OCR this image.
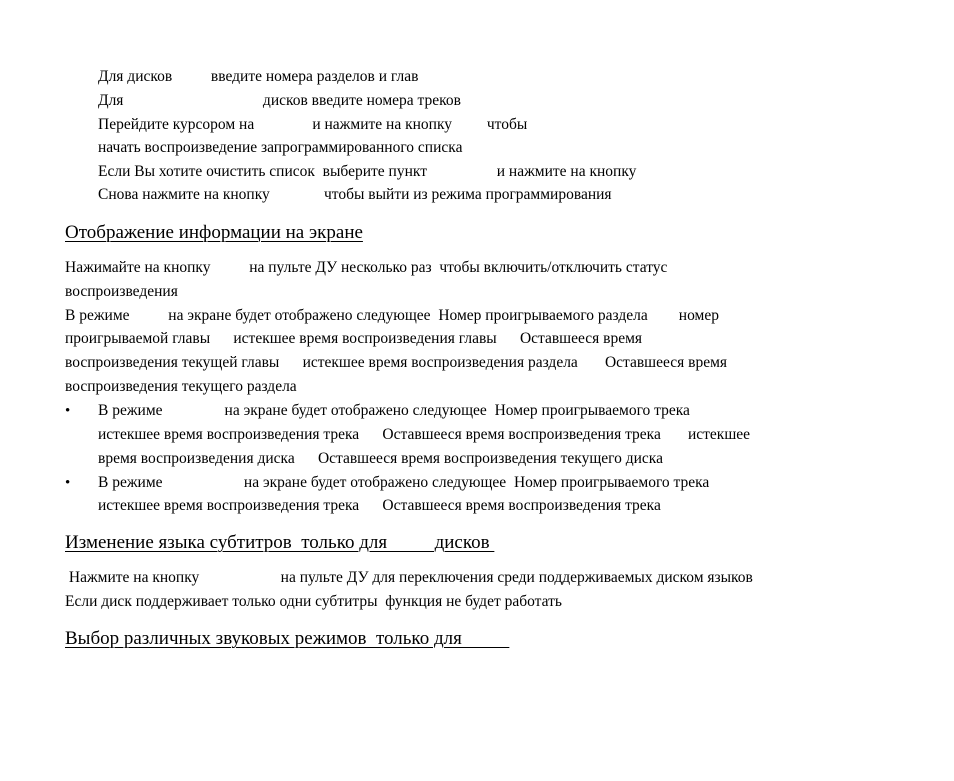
Для дисков          введите номера разделов и глав
Для                                    дисков введите номера треков
Перейдите курсором на               и нажмите на кнопку         чтобы
начать воспроизведение запрограммированного списка
Если Вы хотите очистить список  выберите пункт                  и нажмите на кнопку
Снова нажмите на кнопку              чтобы выйти из режима программирования
Отображение информации на экране
Нажимайте на кнопку          на пульте ДУ несколько раз  чтобы включить/отключить статус
воспроизведения
В режиме          на экране будет отображено следующее  Номер проигрываемого раздела        номер
проигрываемой главы      истекшее время воспроизведения главы      Оставшееся время
воспроизведения текущей главы      истекшее время воспроизведения раздела       Оставшееся время
воспроизведения текущего раздела
• В режиме                на экране будет отображено следующее  Номер проигрываемого трека
истекшее время воспроизведения трека      Оставшееся время воспроизведения трека       истекшее
время воспроизведения диска      Оставшееся время воспроизведения текущего диска
• В режиме                     на экране будет отображено следующее  Номер проигрываемого трека
истекшее время воспроизведения трека      Оставшееся время воспроизведения трека
Изменение языка субтитров  только для          дисков
Нажмите на кнопку                     на пульте ДУ для переключения среди поддерживаемых диском языков
Если диск поддерживает только одни субтитры  функция не будет работать
Выбор различных звуковых режимов  только для
